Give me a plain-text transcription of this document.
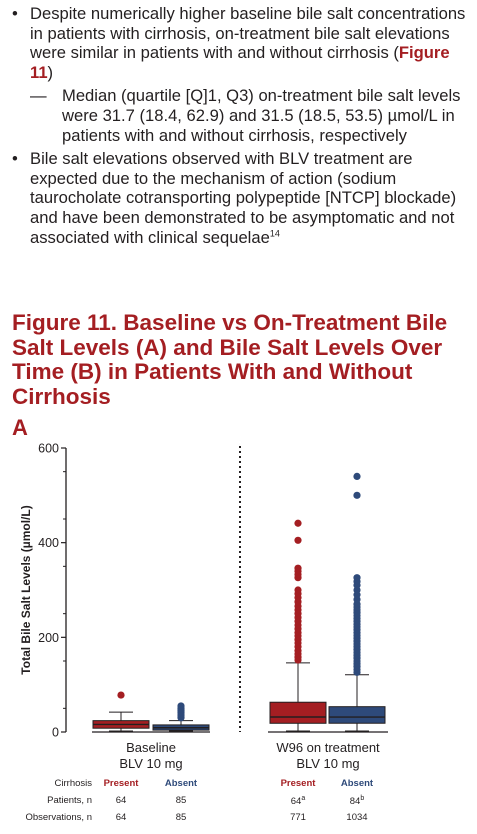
• Despite numerically higher baseline bile salt concentrations in patients with cirrhosis, on-treatment bile salt elevations were similar in patients with and without cirrhosis (Figure 11)
— Median (quartile [Q]1, Q3) on-treatment bile salt levels were 31.7 (18.4, 62.9) and 31.5 (18.5, 53.5) µmol/L in patients with and without cirrhosis, respectively
• Bile salt elevations observed with BLV treatment are expected due to the mechanism of action (sodium taurocholate cotransporting polypeptide [NTCP] blockade) and have been demonstrated to be asymptomatic and not associated with clinical sequelae$^{14}$
Figure 11. Baseline vs On-Treatment Bile Salt Levels (A) and Bile Salt Levels Over Time (B) in Patients With and Without Cirrhosis
A
0
200
400
600
Total Bile Salt Levels (µmol/L)
Baseline
BLV 10 mg
W96 on treatment
BLV 10 mg
Cirrhosis	Present	Absent	Present	Absent
Patients, n	64	85	64$^a$	84$^b$
Observations, n	64	85	771	1034
